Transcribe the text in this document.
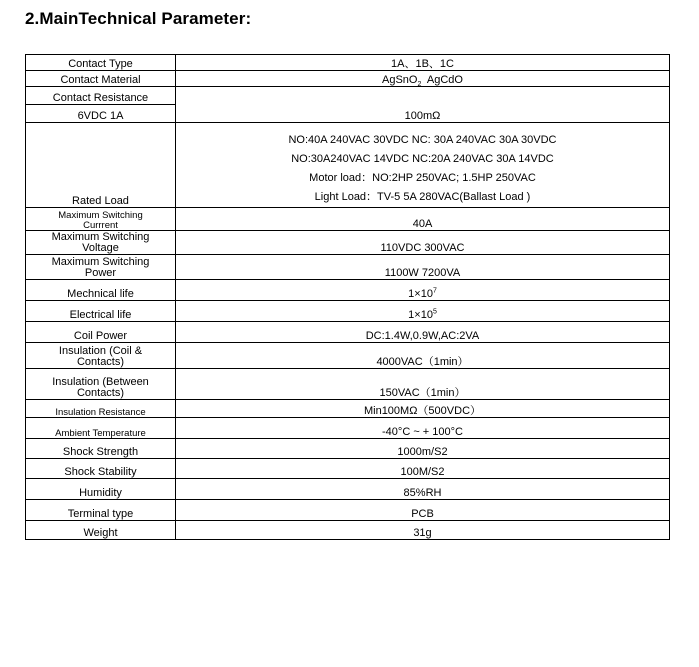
2.MainTechnical Parameter:
Contact Type	1A、1B、1C
Contact Material	AgSnO$_2$  AgCdO
Contact Resistance	100mΩ
6VDC 1A	
Rated Load	NO:40A 240VAC 30VDC NC: 30A 240VAC 30A 30VDC
NO:30A240VAC 14VDC NC:20A 240VAC 30A 14VDC
Motor load：NO:2HP 250VAC; 1.5HP 250VAC
Light Load：TV-5 5A 280VAC(Ballast Load )

Maximum Switching
Currrent	40A

Maximum Switching
Voltage	110VDC 300VAC

Maximum Switching
Power	1100W 7200VA
Mechnical life	$1\times 10^7$
Electrical life	$1\times 10^5$
Coil Power	DC:1.4W,0.9W,AC:2VA

Insulation (Coil &
Contacts)	4000VAC（1min）

Insulation (Between
Contacts)	150VAC（1min）
Insulation Resistance	Min100MΩ（500VDC）
Ambient Temperature	-40°C ~ + 100°C
Shock Strength	1000m/S2
Shock Stability	100M/S2
Humidity	85%RH
Terminal type	PCB
Weight	31g
